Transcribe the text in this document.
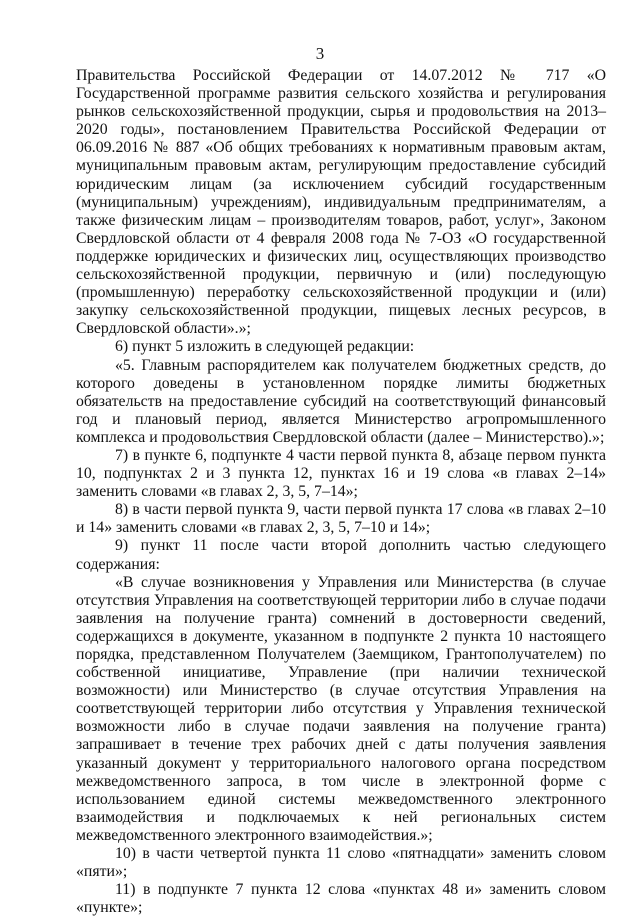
3

Правительства Российской Федерации от 14.07.2012 № 717 «О Государственной программе развития сельского хозяйства и регулирования рынков сельскохозяйственной продукции, сырья и продовольствия на 2013–2020 годы», постановлением Правительства Российской Федерации от 06.09.2016 № 887 «Об общих требованиях к нормативным правовым актам, муниципальным правовым актам, регулирующим предоставление субсидий юридическим лицам (за исключением субсидий государственным (муниципальным) учреждениям), индивидуальным предпринимателям, а также физическим лицам – производителям товаров, работ, услуг», Законом Свердловской области от 4 февраля 2008 года № 7-ОЗ «О государственной поддержке юридических и физических лиц, осуществляющих производство сельскохозяйственной продукции, первичную и (или) последующую (промышленную) переработку сельскохозяйственной продукции и (или) закупку сельскохозяйственной продукции, пищевых лесных ресурсов, в Свердловской области».»;

6) пункт 5 изложить в следующей редакции:

«5. Главным распорядителем как получателем бюджетных средств, до которого доведены в установленном порядке лимиты бюджетных обязательств на предоставление субсидий на соответствующий финансовый год и плановый период, является Министерство агропромышленного комплекса и продовольствия Свердловской области (далее – Министерство).»;

7) в пункте 6, подпункте 4 части первой пункта 8, абзаце первом пункта 10, подпунктах 2 и 3 пункта 12, пунктах 16 и 19 слова «в главах 2–14» заменить словами «в главах 2, 3, 5, 7–14»;

8) в части первой пункта 9, части первой пункта 17 слова «в главах 2–10 и 14» заменить словами «в главах 2, 3, 5, 7–10 и 14»;

9) пункт 11 после части второй дополнить частью следующего содержания:

«В случае возникновения у Управления или Министерства (в случае отсутствия Управления на соответствующей территории либо в случае подачи заявления на получение гранта) сомнений в достоверности сведений, содержащихся в документе, указанном в подпункте 2 пункта 10 настоящего порядка, представленном Получателем (Заемщиком, Грантополучателем) по собственной инициативе, Управление (при наличии технической возможности) или Министерство (в случае отсутствия Управления на соответствующей территории либо отсутствия у Управления технической возможности либо в случае подачи заявления на получение гранта) запрашивает в течение трех рабочих дней с даты получения заявления указанный документ у территориального налогового органа посредством межведомственного запроса, в том числе в электронной форме с использованием единой системы межведомственного электронного взаимодействия и подключаемых к ней региональных систем межведомственного электронного взаимодействия.»;

10) в части четвертой пункта 11 слово «пятнадцати» заменить словом «пяти»;

11) в подпункте 7 пункта 12 слова «пунктах 48 и» заменить словом «пункте»;
